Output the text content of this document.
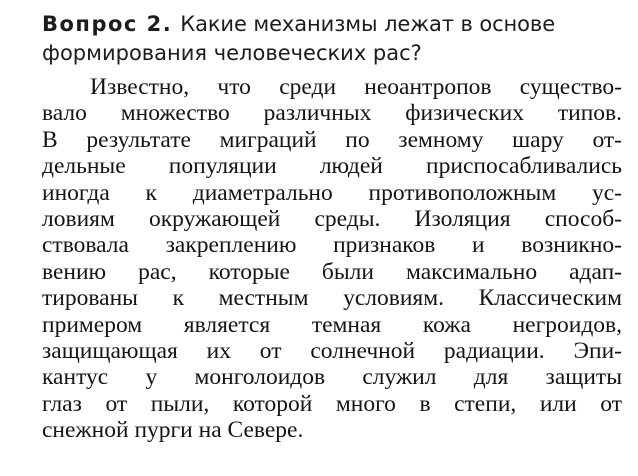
Вопрос 2. Какие механизмы лежат в основе
формирования человеческих рас?
Известно, что среди неоантропов существо-
вало множество различных физических типов.
В результате миграций по земному шару от-
дельные популяции людей приспосабливались
иногда к диаметрально противоположным ус-
ловиям окружающей среды. Изоляция способ-
ствовала закреплению признаков и возникно-
вению рас, которые были максимально адап-
тированы к местным условиям. Классическим
примером является темная кожа негроидов,
защищающая их от солнечной радиации. Эпи-
кантус у монголоидов служил для защиты
глаз от пыли, которой много в степи, или от
снежной пурги на Севере.
